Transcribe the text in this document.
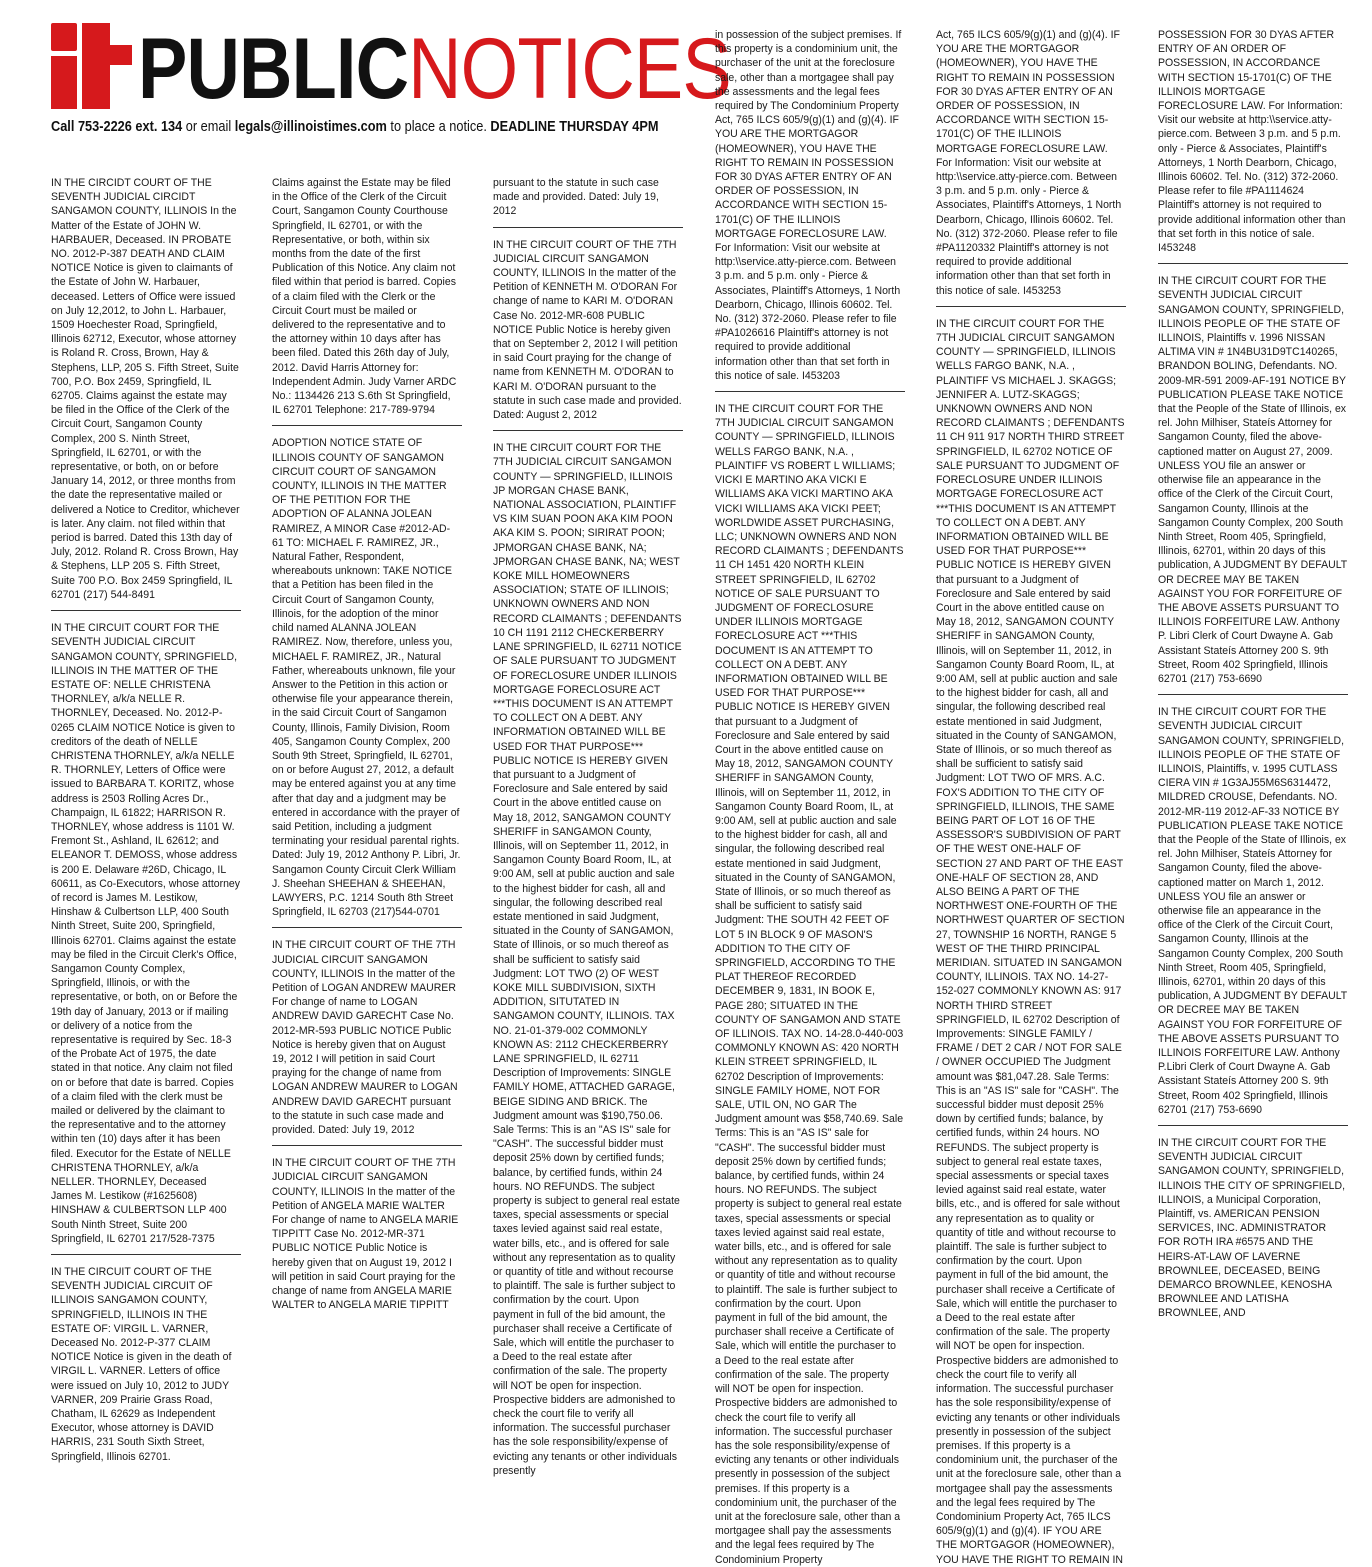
PUBLICNOTICES
Call 753-2226 ext. 134 or email legals@illinoistimes.com to place a notice. DEADLINE THURSDAY 4PM

IN THE CIRCIDT COURT OF THE SEVENTH JUDICIAL CIRCIDT SANGAMON COUNTY, ILLINOIS In the Matter of the Estate of JOHN W. HARBAUER, Deceased. IN PROBATE NO. 2012-P-387 DEATH AND CLAIM NOTICE Notice is given to claimants of the Estate of John W. Harbauer, deceased. Letters of Office were issued on July 12,2012, to John L. Harbauer, 1509 Hoechester Road, Springfield, Illinois 62712, Executor, whose attorney is Roland R. Cross, Brown, Hay & Stephens, LLP, 205 S. Fifth Street, Suite 700, P.O. Box 2459, Springfield, IL 62705. Claims against the estate may be filed in the Office of the Clerk of the Circuit Court, Sangamon County Complex, 200 S. Ninth Street, Springfield, IL 62701, or with the representative, or both, on or before January 14, 2012, or three months from the date the representative mailed or delivered a Notice to Creditor, whichever is later. Any claim. not filed within that period is barred. Dated this 13th day of July, 2012. Roland R. Cross Brown, Hay & Stephens, LLP 205 S. Fifth Street, Suite 700 P.O. Box 2459 Springfield, IL 62701 (217) 544-8491

IN THE CIRCUIT COURT FOR THE SEVENTH JUDICIAL CIRCUIT SANGAMON COUNTY, SPRINGFIELD, ILLINOIS IN THE MATTER OF THE ESTATE OF: NELLE CHRISTENA THORNLEY, a/k/a NELLE R. THORNLEY, Deceased. No. 2012-P-0265 CLAIM NOTICE Notice is given to creditors of the death of NELLE CHRISTENA THORNLEY, a/k/a NELLE R. THORNLEY, Letters of Office were issued to BARBARA T. KORITZ, whose address is 2503 Rolling Acres Dr., Champaign, IL 61822; HARRISON R. THORNLEY, whose address is 1101 W. Fremont St., Ashland, IL 62612; and ELEANOR T. DEMOSS, whose address is 200 E. Delaware #26D, Chicago, IL 60611, as Co-Executors, whose attorney of record is James M. Lestikow, Hinshaw & Culbertson LLP, 400 South Ninth Street, Suite 200, Springfield, Illinois 62701. Claims against the estate may be filed in the Circuit Clerk's Office, Sangamon County Complex, Springfield, Illinois, or with the representative, or both, on or Before the 19th day of January, 2013 or if mailing or delivery of a notice from the representative is required by Sec. 18-3 of the Probate Act of 1975, the date stated in that notice. Any claim not filed on or before that date is barred. Copies of a claim filed with the clerk must be mailed or delivered by the claimant to the representative and to the attorney within ten (10) days after it has been filed. Executor for the Estate of NELLE CHRISTENA THORNLEY, a/k/a NELLER. THORNLEY, Deceased James M. Lestikow (#1625608) HINSHAW & CULBERTSON LLP 400 South Ninth Street, Suite 200 Springfield, IL 62701 217/528-7375

IN THE CIRCUIT COURT OF THE SEVENTH JUDICIAL CIRCUIT OF ILLINOIS SANGAMON COUNTY, SPRINGFIELD, ILLINOIS IN THE ESTATE OF: VIRGIL L. VARNER, Deceased No. 2012-P-377 CLAIM NOTICE Notice is given in the death of VIRGIL L. VARNER. Letters of office were issued on July 10, 2012 to JUDY VARNER, 209 Prairie Grass Road, Chatham, IL 62629 as Independent Executor, whose attorney is DAVID HARRIS, 231 South Sixth Street, Springfield, Illinois 62701.

Claims against the Estate may be filed in the Office of the Clerk of the Circuit Court, Sangamon County Courthouse Springfield, IL 62701, or with the Representative, or both, within six months from the date of the first Publication of this Notice. Any claim not filed within that period is barred. Copies of a claim filed with the Clerk or the Circuit Court must be mailed or delivered to the representative and to the attorney within 10 days after has been filed. Dated this 26th day of July, 2012. David Harris Attorney for: Independent Admin. Judy Varner ARDC No.: 1134426 213 S.6th St Springfield, IL 62701 Telephone: 217-789-9794

ADOPTION NOTICE STATE OF ILLINOIS COUNTY OF SANGAMON CIRCUIT COURT OF SANGAMON COUNTY, ILLINOIS IN THE MATTER OF THE PETITION FOR THE ADOPTION OF ALANNA JOLEAN RAMIREZ, A MINOR Case #2012-AD-61 TO: MICHAEL F. RAMIREZ, JR., Natural Father, Respondent, whereabouts unknown: TAKE NOTICE that a Petition has been filed in the Circuit Court of Sangamon County, Illinois, for the adoption of the minor child named ALANNA JOLEAN RAMIREZ. Now, therefore, unless you, MICHAEL F. RAMIREZ, JR., Natural Father, whereabouts unknown, file your Answer to the Petition in this action or otherwise file your appearance therein, in the said Circuit Court of Sangamon County, Illinois, Family Division, Room 405, Sangamon County Complex, 200 South 9th Street, Springfield, IL 62701, on or before August 27, 2012, a default may be entered against you at any time after that day and a judgment may be entered in accordance with the prayer of said Petition, including a judgment terminating your residual parental rights. Dated: July 19, 2012 Anthony P. Libri, Jr. Sangamon County Circuit Clerk William J. Sheehan SHEEHAN & SHEEHAN, LAWYERS, P.C. 1214 South 8th Street Springfield, IL 62703 (217)544-0701

IN THE CIRCUIT COURT OF THE 7TH JUDICIAL CIRCUIT SANGAMON COUNTY, ILLINOIS In the matter of the Petition of LOGAN ANDREW MAURER For change of name to LOGAN ANDREW DAVID GARECHT Case No. 2012-MR-593 PUBLIC NOTICE Public Notice is hereby given that on August 19, 2012 I will petition in said Court praying for the change of name from LOGAN ANDREW MAURER to LOGAN ANDREW DAVID GARECHT pursuant to the statute in such case made and provided. Dated: July 19, 2012

IN THE CIRCUIT COURT OF THE 7TH JUDICIAL CIRCUIT SANGAMON COUNTY, ILLINOIS In the matter of the Petition of ANGELA MARIE WALTER For change of name to ANGELA MARIE TIPPITT Case No. 2012-MR-371 PUBLIC NOTICE Public Notice is hereby given that on August 19, 2012 I will petition in said Court praying for the change of name from ANGELA MARIE WALTER to ANGELA MARIE TIPPITT

pursuant to the statute in such case made and provided. Dated: July 19, 2012

IN THE CIRCUIT COURT OF THE 7TH JUDICIAL CIRCUIT SANGAMON COUNTY, ILLINOIS In the matter of the Petition of KENNETH M. O'DORAN For change of name to KARI M. O'DORAN Case No. 2012-MR-608 PUBLIC NOTICE Public Notice is hereby given that on September 2, 2012 I will petition in said Court praying for the change of name from KENNETH M. O'DORAN to KARI M. O'DORAN pursuant to the statute in such case made and provided. Dated: August 2, 2012

IN THE CIRCUIT COURT FOR THE 7TH JUDICIAL CIRCUIT SANGAMON COUNTY — SPRINGFIELD, ILLINOIS JP MORGAN CHASE BANK, NATIONAL ASSOCIATION, PLAINTIFF VS KIM SUAN POON AKA KIM POON AKA KIM S. POON; SIRIRAT POON; JPMORGAN CHASE BANK, NA; JPMORGAN CHASE BANK, NA; WEST KOKE MILL HOMEOWNERS ASSOCIATION; STATE OF ILLINOIS; UNKNOWN OWNERS AND NON RECORD CLAIMANTS ; DEFENDANTS 10 CH 1191 2112 CHECKERBERRY LANE SPRINGFIELD, IL 62711 NOTICE OF SALE PURSUANT TO JUDGMENT OF FORECLOSURE UNDER ILLINOIS MORTGAGE FORECLOSURE ACT ***THIS DOCUMENT IS AN ATTEMPT TO COLLECT ON A DEBT. ANY INFORMATION OBTAINED WILL BE USED FOR THAT PURPOSE*** PUBLIC NOTICE IS HEREBY GIVEN that pursuant to a Judgment of Foreclosure and Sale entered by said Court in the above entitled cause on May 18, 2012, SANGAMON COUNTY SHERIFF in SANGAMON County, Illinois, will on September 11, 2012, in Sangamon County Board Room, IL, at 9:00 AM, sell at public auction and sale to the highest bidder for cash, all and singular, the following described real estate mentioned in said Judgment, situated in the County of SANGAMON, State of Illinois, or so much thereof as shall be sufficient to satisfy said Judgment: LOT TWO (2) OF WEST KOKE MILL SUBDIVISION, SIXTH ADDITION, SITUTATED IN SANGAMON COUNTY, ILLINOIS. TAX NO. 21-01-379-002 COMMONLY KNOWN AS: 2112 CHECKERBERRY LANE SPRINGFIELD, IL 62711 Description of Improvements: SINGLE FAMILY HOME, ATTACHED GARAGE, BEIGE SIDING AND BRICK. The Judgment amount was $190,750.06. Sale Terms: This is an "AS IS" sale for "CASH". The successful bidder must deposit 25% down by certified funds; balance, by certified funds, within 24 hours. NO REFUNDS. The subject property is subject to general real estate taxes, special assessments or special taxes levied against said real estate, water bills, etc., and is offered for sale without any representation as to quality or quantity of title and without recourse to plaintiff. The sale is further subject to confirmation by the court. Upon payment in full of the bid amount, the purchaser shall receive a Certificate of Sale, which will entitle the purchaser to a Deed to the real estate after confirmation of the sale. The property will NOT be open for inspection. Prospective bidders are admonished to check the court file to verify all information. The successful purchaser has the sole responsibility/expense of evicting any tenants or other individuals presently

in possession of the subject premises. If this property is a condominium unit, the purchaser of the unit at the foreclosure sale, other than a mortgagee shall pay the assessments and the legal fees required by The Condominium Property Act, 765 ILCS 605/9(g)(1) and (g)(4). IF YOU ARE THE MORTGAGOR (HOMEOWNER), YOU HAVE THE RIGHT TO REMAIN IN POSSESSION FOR 30 DYAS AFTER ENTRY OF AN ORDER OF POSSESSION, IN ACCORDANCE WITH SECTION 15-1701(C) OF THE ILLINOIS MORTGAGE FORECLOSURE LAW. For Information: Visit our website at http:\\service.atty-pierce.com. Between 3 p.m. and 5 p.m. only - Pierce & Associates, Plaintiff's Attorneys, 1 North Dearborn, Chicago, Illinois 60602. Tel. No. (312) 372-2060. Please refer to file #PA1026616 Plaintiff's attorney is not required to provide additional information other than that set forth in this notice of sale. I453203

IN THE CIRCUIT COURT FOR THE 7TH JUDICIAL CIRCUIT SANGAMON COUNTY — SPRINGFIELD, ILLINOIS WELLS FARGO BANK, N.A. , PLAINTIFF VS ROBERT L WILLIAMS; VICKI E MARTINO AKA VICKI E WILLIAMS AKA VICKI MARTINO AKA VICKI WILLIAMS AKA VICKI PEET; WORLDWIDE ASSET PURCHASING, LLC; UNKNOWN OWNERS AND NON RECORD CLAIMANTS ; DEFENDANTS 11 CH 1451 420 NORTH KLEIN STREET SPRINGFIELD, IL 62702 NOTICE OF SALE PURSUANT TO JUDGMENT OF FORECLOSURE UNDER ILLINOIS MORTGAGE FORECLOSURE ACT ***THIS DOCUMENT IS AN ATTEMPT TO COLLECT ON A DEBT. ANY INFORMATION OBTAINED WILL BE USED FOR THAT PURPOSE*** PUBLIC NOTICE IS HEREBY GIVEN that pursuant to a Judgment of Foreclosure and Sale entered by said Court in the above entitled cause on May 18, 2012, SANGAMON COUNTY SHERIFF in SANGAMON County, Illinois, will on September 11, 2012, in Sangamon County Board Room, IL, at 9:00 AM, sell at public auction and sale to the highest bidder for cash, all and singular, the following described real estate mentioned in said Judgment, situated in the County of SANGAMON, State of Illinois, or so much thereof as shall be sufficient to satisfy said Judgment: THE SOUTH 42 FEET OF LOT 5 IN BLOCK 9 OF MASON'S ADDITION TO THE CITY OF SPRINGFIELD, ACCORDING TO THE PLAT THEREOF RECORDED DECEMBER 9, 1831, IN BOOK E, PAGE 280; SITUATED IN THE COUNTY OF SANGAMON AND STATE OF ILLINOIS. TAX NO. 14-28.0-440-003 COMMONLY KNOWN AS: 420 NORTH KLEIN STREET SPRINGFIELD, IL 62702 Description of Improvements: SINGLE FAMILY HOME, NOT FOR SALE, UTIL ON, NO GAR The Judgment amount was $58,740.69. Sale Terms: This is an "AS IS" sale for "CASH". The successful bidder must deposit 25% down by certified funds; balance, by certified funds, within 24 hours. NO REFUNDS. The subject property is subject to general real estate taxes, special assessments or special taxes levied against said real estate, water bills, etc., and is offered for sale without any representation as to quality or quantity of title and without recourse to plaintiff. The sale is further subject to confirmation by the court. Upon payment in full of the bid amount, the purchaser shall receive a Certificate of Sale, which will entitle the purchaser to a Deed to the real estate after confirmation of the sale. The property will NOT be open for inspection. Prospective bidders are admonished to check the court file to verify all information. The successful purchaser has the sole responsibility/expense of evicting any tenants or other individuals presently in possession of the subject premises. If this property is a condominium unit, the purchaser of the unit at the foreclosure sale, other than a mortgagee shall pay the assessments and the legal fees required by The Condominium Property

Act, 765 ILCS 605/9(g)(1) and (g)(4). IF YOU ARE THE MORTGAGOR (HOMEOWNER), YOU HAVE THE RIGHT TO REMAIN IN POSSESSION FOR 30 DYAS AFTER ENTRY OF AN ORDER OF POSSESSION, IN ACCORDANCE WITH SECTION 15-1701(C) OF THE ILLINOIS MORTGAGE FORECLOSURE LAW. For Information: Visit our website at http:\\service.atty-pierce.com. Between 3 p.m. and 5 p.m. only - Pierce & Associates, Plaintiff's Attorneys, 1 North Dearborn, Chicago, Illinois 60602. Tel. No. (312) 372-2060. Please refer to file #PA1120332 Plaintiff's attorney is not required to provide additional information other than that set forth in this notice of sale. I453253

IN THE CIRCUIT COURT FOR THE 7TH JUDICIAL CIRCUIT SANGAMON COUNTY — SPRINGFIELD, ILLINOIS WELLS FARGO BANK, N.A. , PLAINTIFF VS MICHAEL J. SKAGGS; JENNIFER A. LUTZ-SKAGGS; UNKNOWN OWNERS AND NON RECORD CLAIMANTS ; DEFENDANTS 11 CH 911 917 NORTH THIRD STREET SPRINGFIELD, IL 62702 NOTICE OF SALE PURSUANT TO JUDGMENT OF FORECLOSURE UNDER ILLINOIS MORTGAGE FORECLOSURE ACT ***THIS DOCUMENT IS AN ATTEMPT TO COLLECT ON A DEBT. ANY INFORMATION OBTAINED WILL BE USED FOR THAT PURPOSE*** PUBLIC NOTICE IS HEREBY GIVEN that pursuant to a Judgment of Foreclosure and Sale entered by said Court in the above entitled cause on May 18, 2012, SANGAMON COUNTY SHERIFF in SANGAMON County, Illinois, will on September 11, 2012, in Sangamon County Board Room, IL, at 9:00 AM, sell at public auction and sale to the highest bidder for cash, all and singular, the following described real estate mentioned in said Judgment, situated in the County of SANGAMON, State of Illinois, or so much thereof as shall be sufficient to satisfy said Judgment: LOT TWO OF MRS. A.C. FOX'S ADDITION TO THE CITY OF SPRINGFIELD, ILLINOIS, THE SAME BEING PART OF LOT 16 OF THE ASSESSOR'S SUBDIVISION OF PART OF THE WEST ONE-HALF OF SECTION 27 AND PART OF THE EAST ONE-HALF OF SECTION 28, AND ALSO BEING A PART OF THE NORTHWEST ONE-FOURTH OF THE NORTHWEST QUARTER OF SECTION 27, TOWNSHIP 16 NORTH, RANGE 5 WEST OF THE THIRD PRINCIPAL MERIDIAN. SITUATED IN SANGAMON COUNTY, ILLINOIS. TAX NO. 14-27-152-027 COMMONLY KNOWN AS: 917 NORTH THIRD STREET SPRINGFIELD, IL 62702 Description of Improvements: SINGLE FAMILY / FRAME / DET 2 CAR / NOT FOR SALE / OWNER OCCUPIED The Judgment amount was $81,047.28. Sale Terms: This is an "AS IS" sale for "CASH". The successful bidder must deposit 25% down by certified funds; balance, by certified funds, within 24 hours. NO REFUNDS. The subject property is subject to general real estate taxes, special assessments or special taxes levied against said real estate, water bills, etc., and is offered for sale without any representation as to quality or quantity of title and without recourse to plaintiff. The sale is further subject to confirmation by the court. Upon payment in full of the bid amount, the purchaser shall receive a Certificate of Sale, which will entitle the purchaser to a Deed to the real estate after confirmation of the sale. The property will NOT be open for inspection. Prospective bidders are admonished to check the court file to verify all information. The successful purchaser has the sole responsibility/expense of evicting any tenants or other individuals presently in possession of the subject premises. If this property is a condominium unit, the purchaser of the unit at the foreclosure sale, other than a mortgagee shall pay the assessments and the legal fees required by The Condominium Property Act, 765 ILCS 605/9(g)(1) and (g)(4). IF YOU ARE THE MORTGAGOR (HOMEOWNER), YOU HAVE THE RIGHT TO REMAIN IN

POSSESSION FOR 30 DYAS AFTER ENTRY OF AN ORDER OF POSSESSION, IN ACCORDANCE WITH SECTION 15-1701(C) OF THE ILLINOIS MORTGAGE FORECLOSURE LAW. For Information: Visit our website at http:\\service.atty-pierce.com. Between 3 p.m. and 5 p.m. only - Pierce & Associates, Plaintiff's Attorneys, 1 North Dearborn, Chicago, Illinois 60602. Tel. No. (312) 372-2060. Please refer to file #PA1114624 Plaintiff's attorney is not required to provide additional information other than that set forth in this notice of sale. I453248

IN THE CIRCUIT COURT FOR THE SEVENTH JUDICIAL CIRCUIT SANGAMON COUNTY, SPRINGFIELD, ILLINOIS PEOPLE OF THE STATE OF ILLINOIS, Plaintiffs v. 1996 NISSAN ALTIMA VIN # 1N4BU31D9TC140265, BRANDON BOLING, Defendants. NO. 2009-MR-591 2009-AF-191 NOTICE BY PUBLICATION PLEASE TAKE NOTICE that the People of the State of Illinois, ex rel. John Milhiser, Stateís Attorney for Sangamon County, filed the above-captioned matter on August 27, 2009. UNLESS YOU file an answer or otherwise file an appearance in the office of the Clerk of the Circuit Court, Sangamon County, Illinois at the Sangamon County Complex, 200 South Ninth Street, Room 405, Springfield, Illinois, 62701, within 20 days of this publication, A JUDGMENT BY DEFAULT OR DECREE MAY BE TAKEN AGAINST YOU FOR FORFEITURE OF THE ABOVE ASSETS PURSUANT TO ILLINOIS FORFEITURE LAW. Anthony P. Libri Clerk of Court Dwayne A. Gab Assistant Stateís Attorney 200 S. 9th Street, Room 402 Springfield, Illinois 62701 (217) 753-6690

IN THE CIRCUIT COURT FOR THE SEVENTH JUDICIAL CIRCUIT SANGAMON COUNTY, SPRINGFIELD, ILLINOIS PEOPLE OF THE STATE OF ILLINOIS, Plaintiffs, v. 1995 CUTLASS CIERA VIN # 1G3AJ55M6S6314472, MILDRED CROUSE, Defendants. NO. 2012-MR-119 2012-AF-33 NOTICE BY PUBLICATION PLEASE TAKE NOTICE that the People of the State of Illinois, ex rel. John Milhiser, Stateís Attorney for Sangamon County, filed the above-captioned matter on March 1, 2012. UNLESS YOU file an answer or otherwise file an appearance in the office of the Clerk of the Circuit Court, Sangamon County, Illinois at the Sangamon County Complex, 200 South Ninth Street, Room 405, Springfield, Illinois, 62701, within 20 days of this publication, A JUDGMENT BY DEFAULT OR DECREE MAY BE TAKEN AGAINST YOU FOR FORFEITURE OF THE ABOVE ASSETS PURSUANT TO ILLINOIS FORFEITURE LAW. Anthony P.Libri Clerk of Court Dwayne A. Gab Assistant Stateís Attorney 200 S. 9th Street, Room 402 Springfield, Illinois 62701 (217) 753-6690

IN THE CIRCUIT COURT FOR THE SEVENTH JUDICIAL CIRCUIT SANGAMON COUNTY, SPRINGFIELD, ILLINOIS THE CITY OF SPRINGFIELD, ILLINOIS, a Municipal Corporation, Plaintiff, vs. AMERICAN PENSION SERVICES, INC. ADMINISTRATOR FOR ROTH IRA #6575 AND THE HEIRS-AT-LAW OF LAVERNE BROWNLEE, DECEASED, BEING DEMARCO BROWNLEE, KENOSHA BROWNLEE AND LATISHA BROWNLEE, AND
